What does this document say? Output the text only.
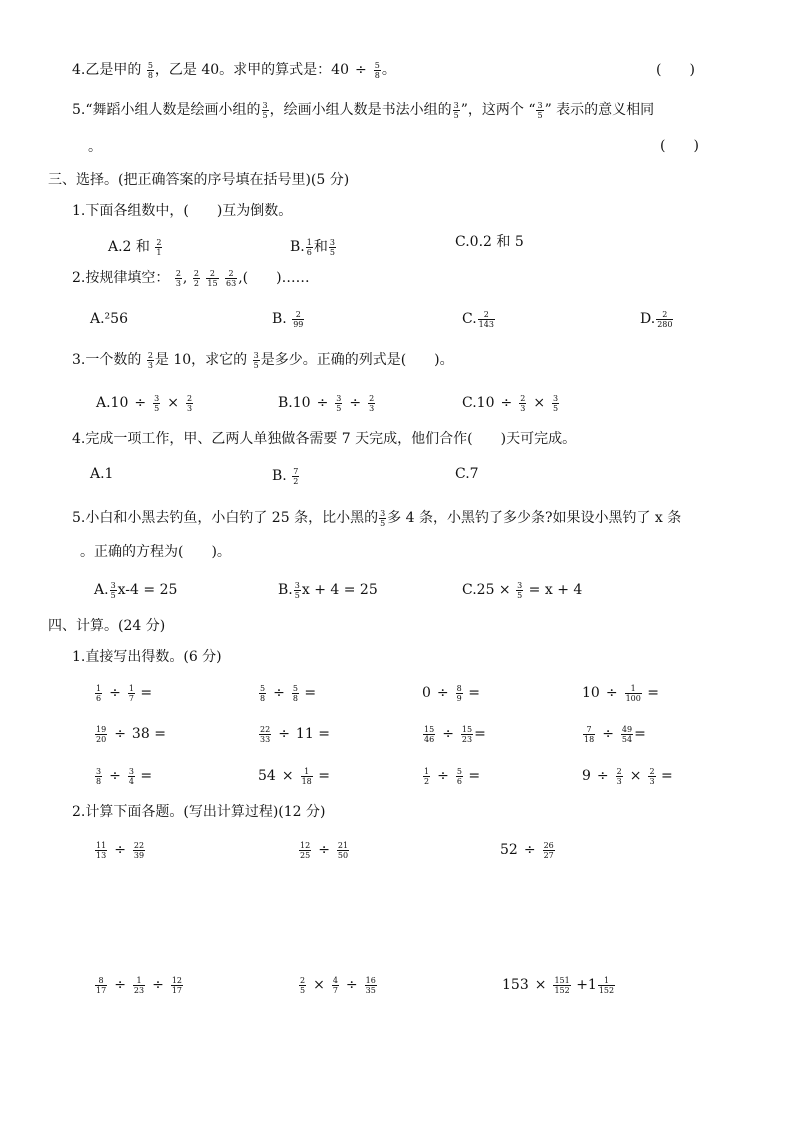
4.乙是甲的 $\frac{5}{8}$ ，乙是 40。求甲的算式是：$40 \div \frac{5}{8}$ 。	(　　)
5.“舞蹈小组人数是绘画小组的 $\frac{3}{5}$ ，绘画小组人数是书法小组的 $\frac{3}{5}$ ”，这两个 “ $\frac{3}{5}$ ” 表示的意义相同
。	(　　)
三、选择。(把正确答案的序号填在括号里)(5 分)
1.下面各组数中，(　　)互为倒数。
A.2 和 $\frac{2}{1}$	B. $\frac{1}{6}$ 和 $\frac{3}{5}$	C.0.2 和 5
2.按规律填空： $\frac{2}{3}$ , $\frac{2}{2}$
$\frac{2}{15}$
$\frac{2}{63}$ ,(　　)……
A.²56	B. $\frac{2}{99}$	C. $\frac{2}{143}$	D. $\frac{2}{280}$
3.一个数的 $\frac{2}{3}$ 是 10，求它的 $\frac{3}{5}$ 是多少。正确的列式是(　　)。
$A.10 \div \frac{3}{5} \times \frac{2}{3}$	$B.10 \div \frac{3}{5} \div \frac{2}{3}$	$C.10 \div \frac{2}{3} \times \frac{3}{5}$
4.完成一项工作，甲、乙两人单独做各需要 7 天完成，他们合作(　　)天可完成。
A.1	B. $\frac{7}{2}$	C.7
5.小白和小黑去钓鱼，小白钓了 25 条，比小黑的 $\frac{3}{5}$ 多 4 条，小黑钓了多少条?如果设小黑钓了 x 条
。正确的方程为(　　)。
A. $\frac{3}{5} x-4 = 25$	B. $\frac{3}{5}$ x + 4 = 25	$C.25 \times \frac{3}{5} = x + 4$
四、计算。(24 分)
1.直接写出得数。(6 分)
$\frac{1}{6} \div \frac{1}{7}$ =	$\frac{5}{8} \div \frac{5}{8}$ =	$0 \div \frac{8}{9}$ =	$10 \div \frac{1}{100}$ =
$\frac{19}{20} \div 38$ =	$\frac{22}{33} \div 11$ =	$\frac{15}{46} \div \frac{15}{23}$ =	$\frac{7}{18} \div \frac{49}{54}$ =
$\frac{3}{8} \div \frac{3}{4}$ =	$54 \times \frac{1}{18}$ =	$\frac{1}{2} \div \frac{5}{6}$ =	$9 \div \frac{2}{3} \times \frac{2}{3}$ =
2.计算下面各题。(写出计算过程)(12 分)
$\frac{11}{13} \div \frac{22}{39}$	$\frac{12}{25} \div \frac{21}{50}$	$52 \div \frac{26}{27}$
$\frac{8}{17} \div \frac{1}{23} \div \frac{12}{17}$	$\frac{2}{5} \times \frac{4}{7} \div \frac{16}{35}$	$153 \times \frac{151}{152} +1 \frac{1}{152}$
